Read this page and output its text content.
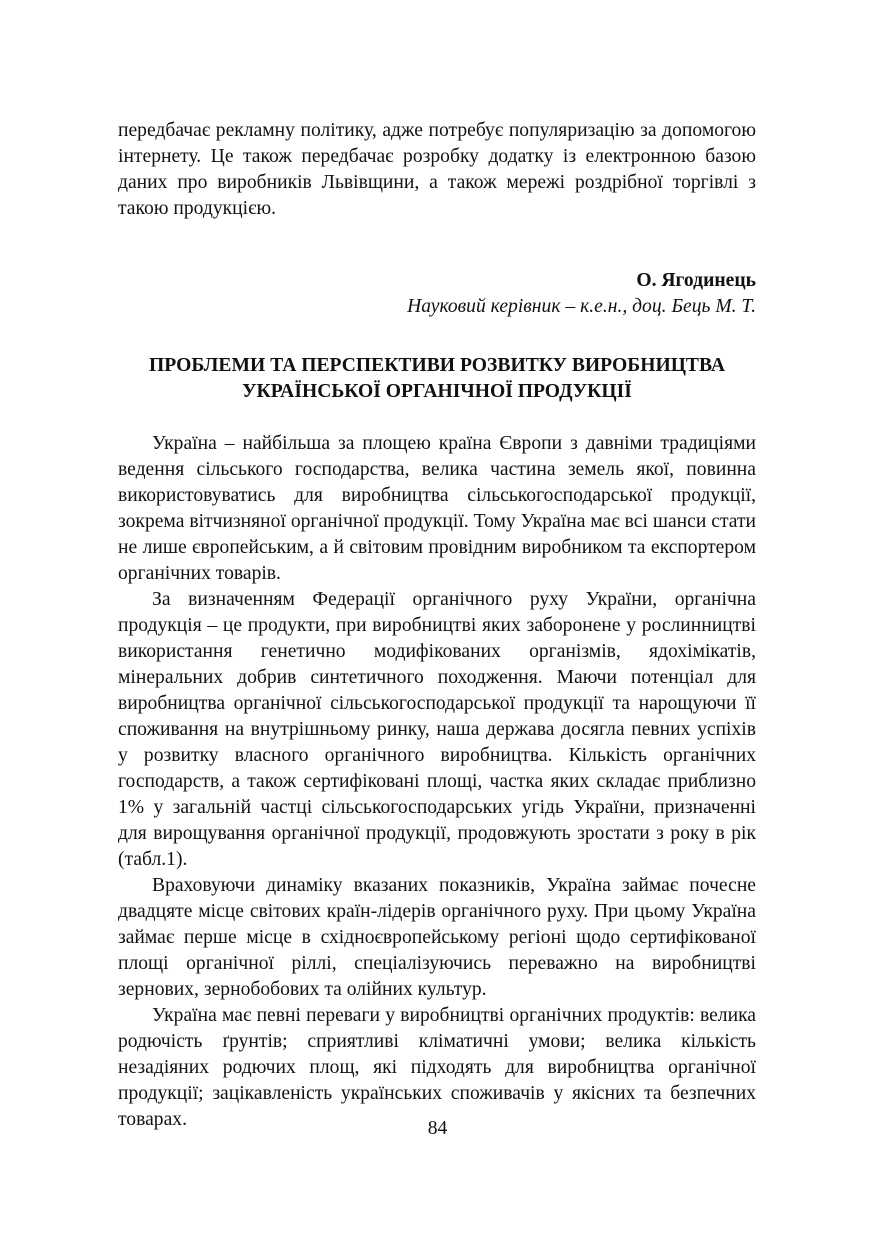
передбачає рекламну політику, адже потребує популяризацію за допомогою інтернету. Це також передбачає розробку додатку із електронною базою даних про виробників Львівщини, а також мережі роздрібної торгівлі з такою продукцією.

О. Ягодинець
Науковий керівник – к.е.н., доц. Бець М. Т.
ПРОБЛЕМИ ТА ПЕРСПЕКТИВИ РОЗВИТКУ ВИРОБНИЦТВА
УКРАЇНСЬКОЇ ОРГАНІЧНОЇ ПРОДУКЦІЇ

Україна – найбільша за площею країна Європи з давніми традиціями ведення сільського господарства, велика частина земель якої, повинна використовуватись для виробництва сільськогосподарської продукції, зокрема вітчизняної органічної продукції. Тому Україна має всі шанси стати не лише європейським, а й світовим провідним виробником та експортером органічних товарів.

За визначенням Федерації органічного руху України, органічна продукція – це продукти, при виробництві яких заборонене у рослинництві використання генетично модифікованих організмів, ядохімікатів, мінеральних добрив синтетичного походження. Маючи потенціал для виробництва органічної сільськогосподарської продукції та нарощуючи її споживання на внутрішньому ринку, наша держава досягла певних успіхів у розвитку власного органічного виробництва. Кількість органічних господарств, а також сертифіковані площі, частка яких складає приблизно 1% у загальній частці сільськогосподарських угідь України, призначенні для вирощування органічної продукції, продовжують зростати з року в рік (табл.1).

Враховуючи динаміку вказаних показників, Україна займає почесне двадцяте місце світових країн-лідерів органічного руху. При цьому Україна займає перше місце в східноєвропейському регіоні щодо сертифікованої площі органічної ріллі, спеціалізуючись переважно на виробництві зернових, зернобобових та олійних культур.

Україна має певні переваги у виробництві органічних продуктів: велика родючість ґрунтів; сприятливі кліматичні умови; велика кількість незадіяних родючих площ, які підходять для виробництва органічної продукції; зацікавленість українських споживачів у якісних та безпечних товарах.	84
